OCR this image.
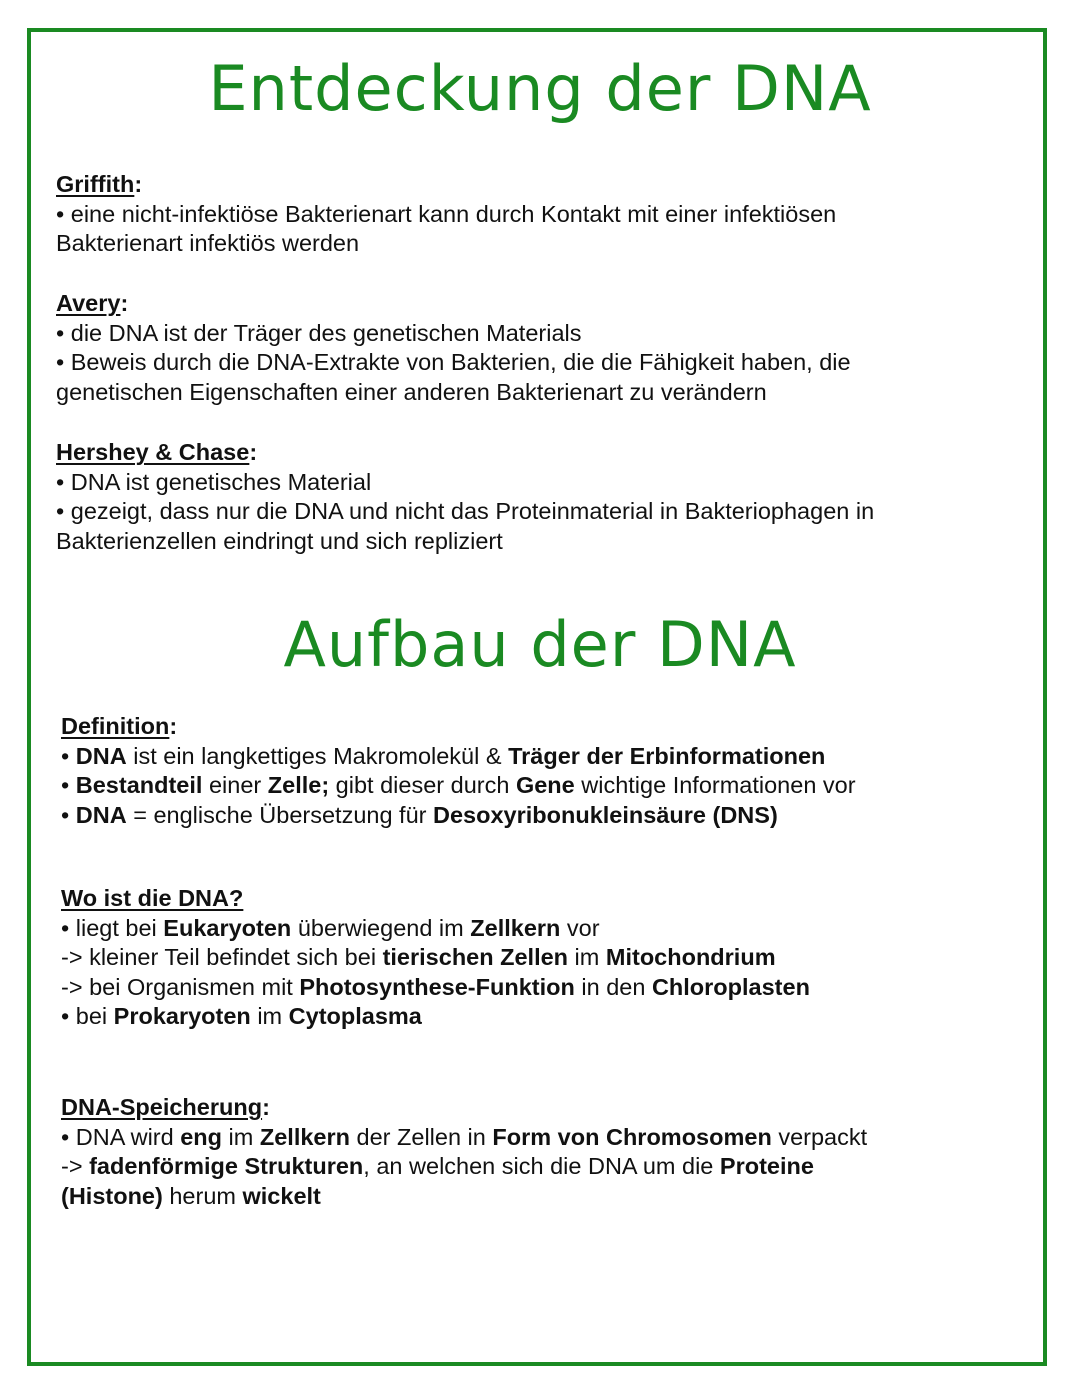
Entdeckung der DNA

Griffith:

• eine nicht-infektiöse Bakterienart kann durch Kontakt mit einer infektiösen

Bakterienart infektiös werden

Avery:

• die DNA ist der Träger des genetischen Materials

• Beweis durch die DNA-Extrakte von Bakterien, die die Fähigkeit haben, die

genetischen Eigenschaften einer anderen Bakterienart zu verändern

Hershey & Chase:

• DNA ist genetisches Material

• gezeigt, dass nur die DNA und nicht das Proteinmaterial in Bakteriophagen in

Bakterienzellen eindringt und sich repliziert

Aufbau der DNA

Definition:

• DNA ist ein langkettiges Makromolekül & Träger der Erbinformationen

• Bestandteil einer Zelle; gibt dieser durch Gene wichtige Informationen vor

• DNA = englische Übersetzung für Desoxyribonukleinsäure (DNS)

Wo ist die DNA?

• liegt bei Eukaryoten überwiegend im Zellkern vor

-> kleiner Teil befindet sich bei tierischen Zellen im Mitochondrium

-> bei Organismen mit Photosynthese-Funktion in den Chloroplasten

• bei Prokaryoten im Cytoplasma

DNA-Speicherung:

• DNA wird eng im Zellkern der Zellen in Form von Chromosomen verpackt

-> fadenförmige Strukturen, an welchen sich die DNA um die Proteine

(Histone) herum wickelt
